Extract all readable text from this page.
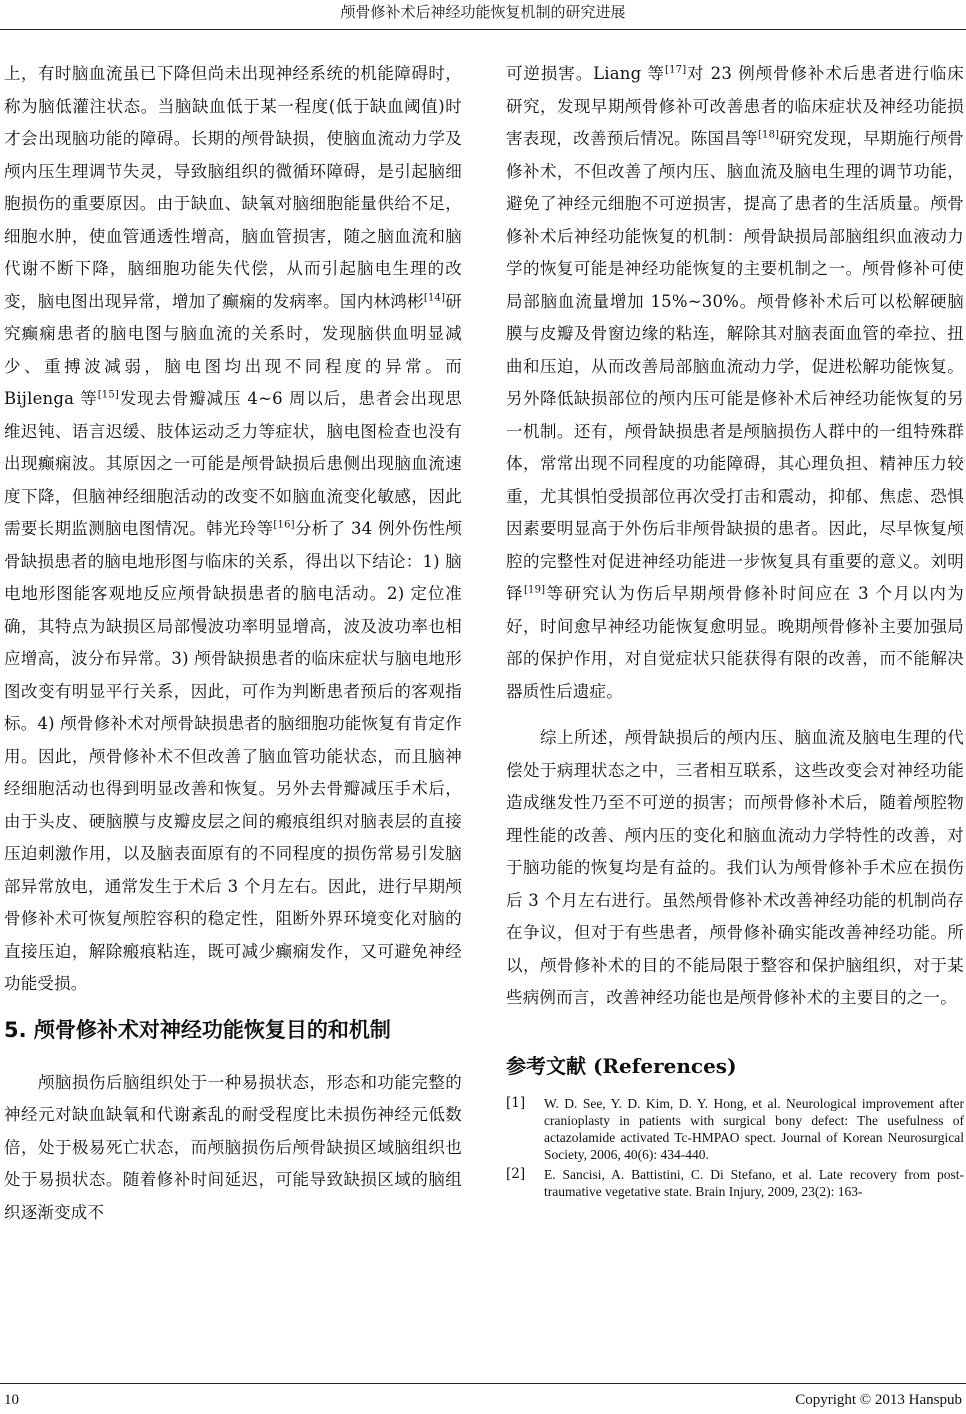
颅骨修补术后神经功能恢复机制的研究进展

上，有时脑血流虽已下降但尚未出现神经系统的机能障碍时，称为脑低灌注状态。当脑缺血低于某一程度(低于缺血阈值)时才会出现脑功能的障碍。长期的颅骨缺损，使脑血流动力学及颅内压生理调节失灵，导致脑组织的微循环障碍，是引起脑细胞损伤的重要原因。由于缺血、缺氧对脑细胞能量供给不足，细胞水肿，使血管通透性增高，脑血管损害，随之脑血流和脑代谢不断下降，脑细胞功能失代偿，从而引起脑电生理的改变，脑电图出现异常，增加了癫痫的发病率。国内林鸿彬[14]研究癫痫患者的脑电图与脑血流的关系时，发现脑供血明显减少、重搏波减弱，脑电图均出现不同程度的异常。而 Bijlenga 等[15]发现去骨瓣减压 4~6 周以后，患者会出现思维迟钝、语言迟缓、肢体运动乏力等症状，脑电图检查也没有出现癫痫波。其原因之一可能是颅骨缺损后患侧出现脑血流速度下降，但脑神经细胞活动的改变不如脑血流变化敏感，因此需要长期监测脑电图情况。韩光玲等[16]分析了 34 例外伤性颅骨缺损患者的脑电地形图与临床的关系，得出以下结论：1) 脑电地形图能客观地反应颅骨缺损患者的脑电活动。2) 定位准确，其特点为缺损区局部慢波功率明显增高，波及波功率也相应增高，波分布异常。3) 颅骨缺损患者的临床症状与脑电地形图改变有明显平行关系，因此，可作为判断患者预后的客观指标。4) 颅骨修补术对颅骨缺损患者的脑细胞功能恢复有肯定作用。因此，颅骨修补术不但改善了脑血管功能状态，而且脑神经细胞活动也得到明显改善和恢复。另外去骨瓣减压手术后，由于头皮、硬脑膜与皮瓣皮层之间的瘢痕组织对脑表层的直接压迫刺激作用，以及脑表面原有的不同程度的损伤常易引发脑部异常放电，通常发生于术后 3 个月左右。因此，进行早期颅骨修补术可恢复颅腔容积的稳定性，阻断外界环境变化对脑的直接压迫，解除瘢痕粘连，既可减少癫痫发作，又可避免神经功能受损。

5. 颅骨修补术对神经功能恢复目的和机制

颅脑损伤后脑组织处于一种易损状态，形态和功能完整的神经元对缺血缺氧和代谢紊乱的耐受程度比未损伤神经元低数倍，处于极易死亡状态，而颅脑损伤后颅骨缺损区域脑组织也处于易损状态。随着修补时间延迟，可能导致缺损区域的脑组织逐渐变成不

可逆损害。Liang 等[17]对 23 例颅骨修补术后患者进行临床研究，发现早期颅骨修补可改善患者的临床症状及神经功能损害表现，改善预后情况。陈国昌等[18]研究发现，早期施行颅骨修补术，不但改善了颅内压、脑血流及脑电生理的调节功能，避免了神经元细胞不可逆损害，提高了患者的生活质量。颅骨修补术后神经功能恢复的机制：颅骨缺损局部脑组织血液动力学的恢复可能是神经功能恢复的主要机制之一。颅骨修补可使局部脑血流量增加 15%~30%。颅骨修补术后可以松解硬脑膜与皮瓣及骨窗边缘的粘连，解除其对脑表面血管的牵拉、扭曲和压迫，从而改善局部脑血流动力学，促进松解功能恢复。另外降低缺损部位的颅内压可能是修补术后神经功能恢复的另一机制。还有，颅骨缺损患者是颅脑损伤人群中的一组特殊群体，常常出现不同程度的功能障碍，其心理负担、精神压力较重，尤其惧怕受损部位再次受打击和震动，抑郁、焦虑、恐惧因素要明显高于外伤后非颅骨缺损的患者。因此，尽早恢复颅腔的完整性对促进神经功能进一步恢复具有重要的意义。刘明铎[19]等研究认为伤后早期颅骨修补时间应在 3 个月以内为好，时间愈早神经功能恢复愈明显。晚期颅骨修补主要加强局部的保护作用，对自觉症状只能获得有限的改善，而不能解决器质性后遗症。

综上所述，颅骨缺损后的颅内压、脑血流及脑电生理的代偿处于病理状态之中，三者相互联系，这些改变会对神经功能造成继发性乃至不可逆的损害；而颅骨修补术后，随着颅腔物理性能的改善、颅内压的变化和脑血流动力学特性的改善，对于脑功能的恢复均是有益的。我们认为颅骨修补手术应在损伤后 3 个月左右进行。虽然颅骨修补术改善神经功能的机制尚存在争议，但对于有些患者，颅骨修补确实能改善神经功能。所以，颅骨修补术的目的不能局限于整容和保护脑组织，对于某些病例而言，改善神经功能也是颅骨修补术的主要目的之一。

参考文献 (References)
[1] W. D. See, Y. D. Kim, D. Y. Hong, et al. Neurological improvement after cranioplasty in patients with surgical bony defect: The usefulness of actazolamide activated Tc-HMPAO spect. Journal of Korean Neurosurgical Society, 2006, 40(6): 434-440.
[2] E. Sancisi, A. Battistini, C. Di Stefano, et al. Late recovery from post-traumative vegetative state. Brain Injury, 2009, 23(2): 163-
10	Copyright © 2013 Hanspub
